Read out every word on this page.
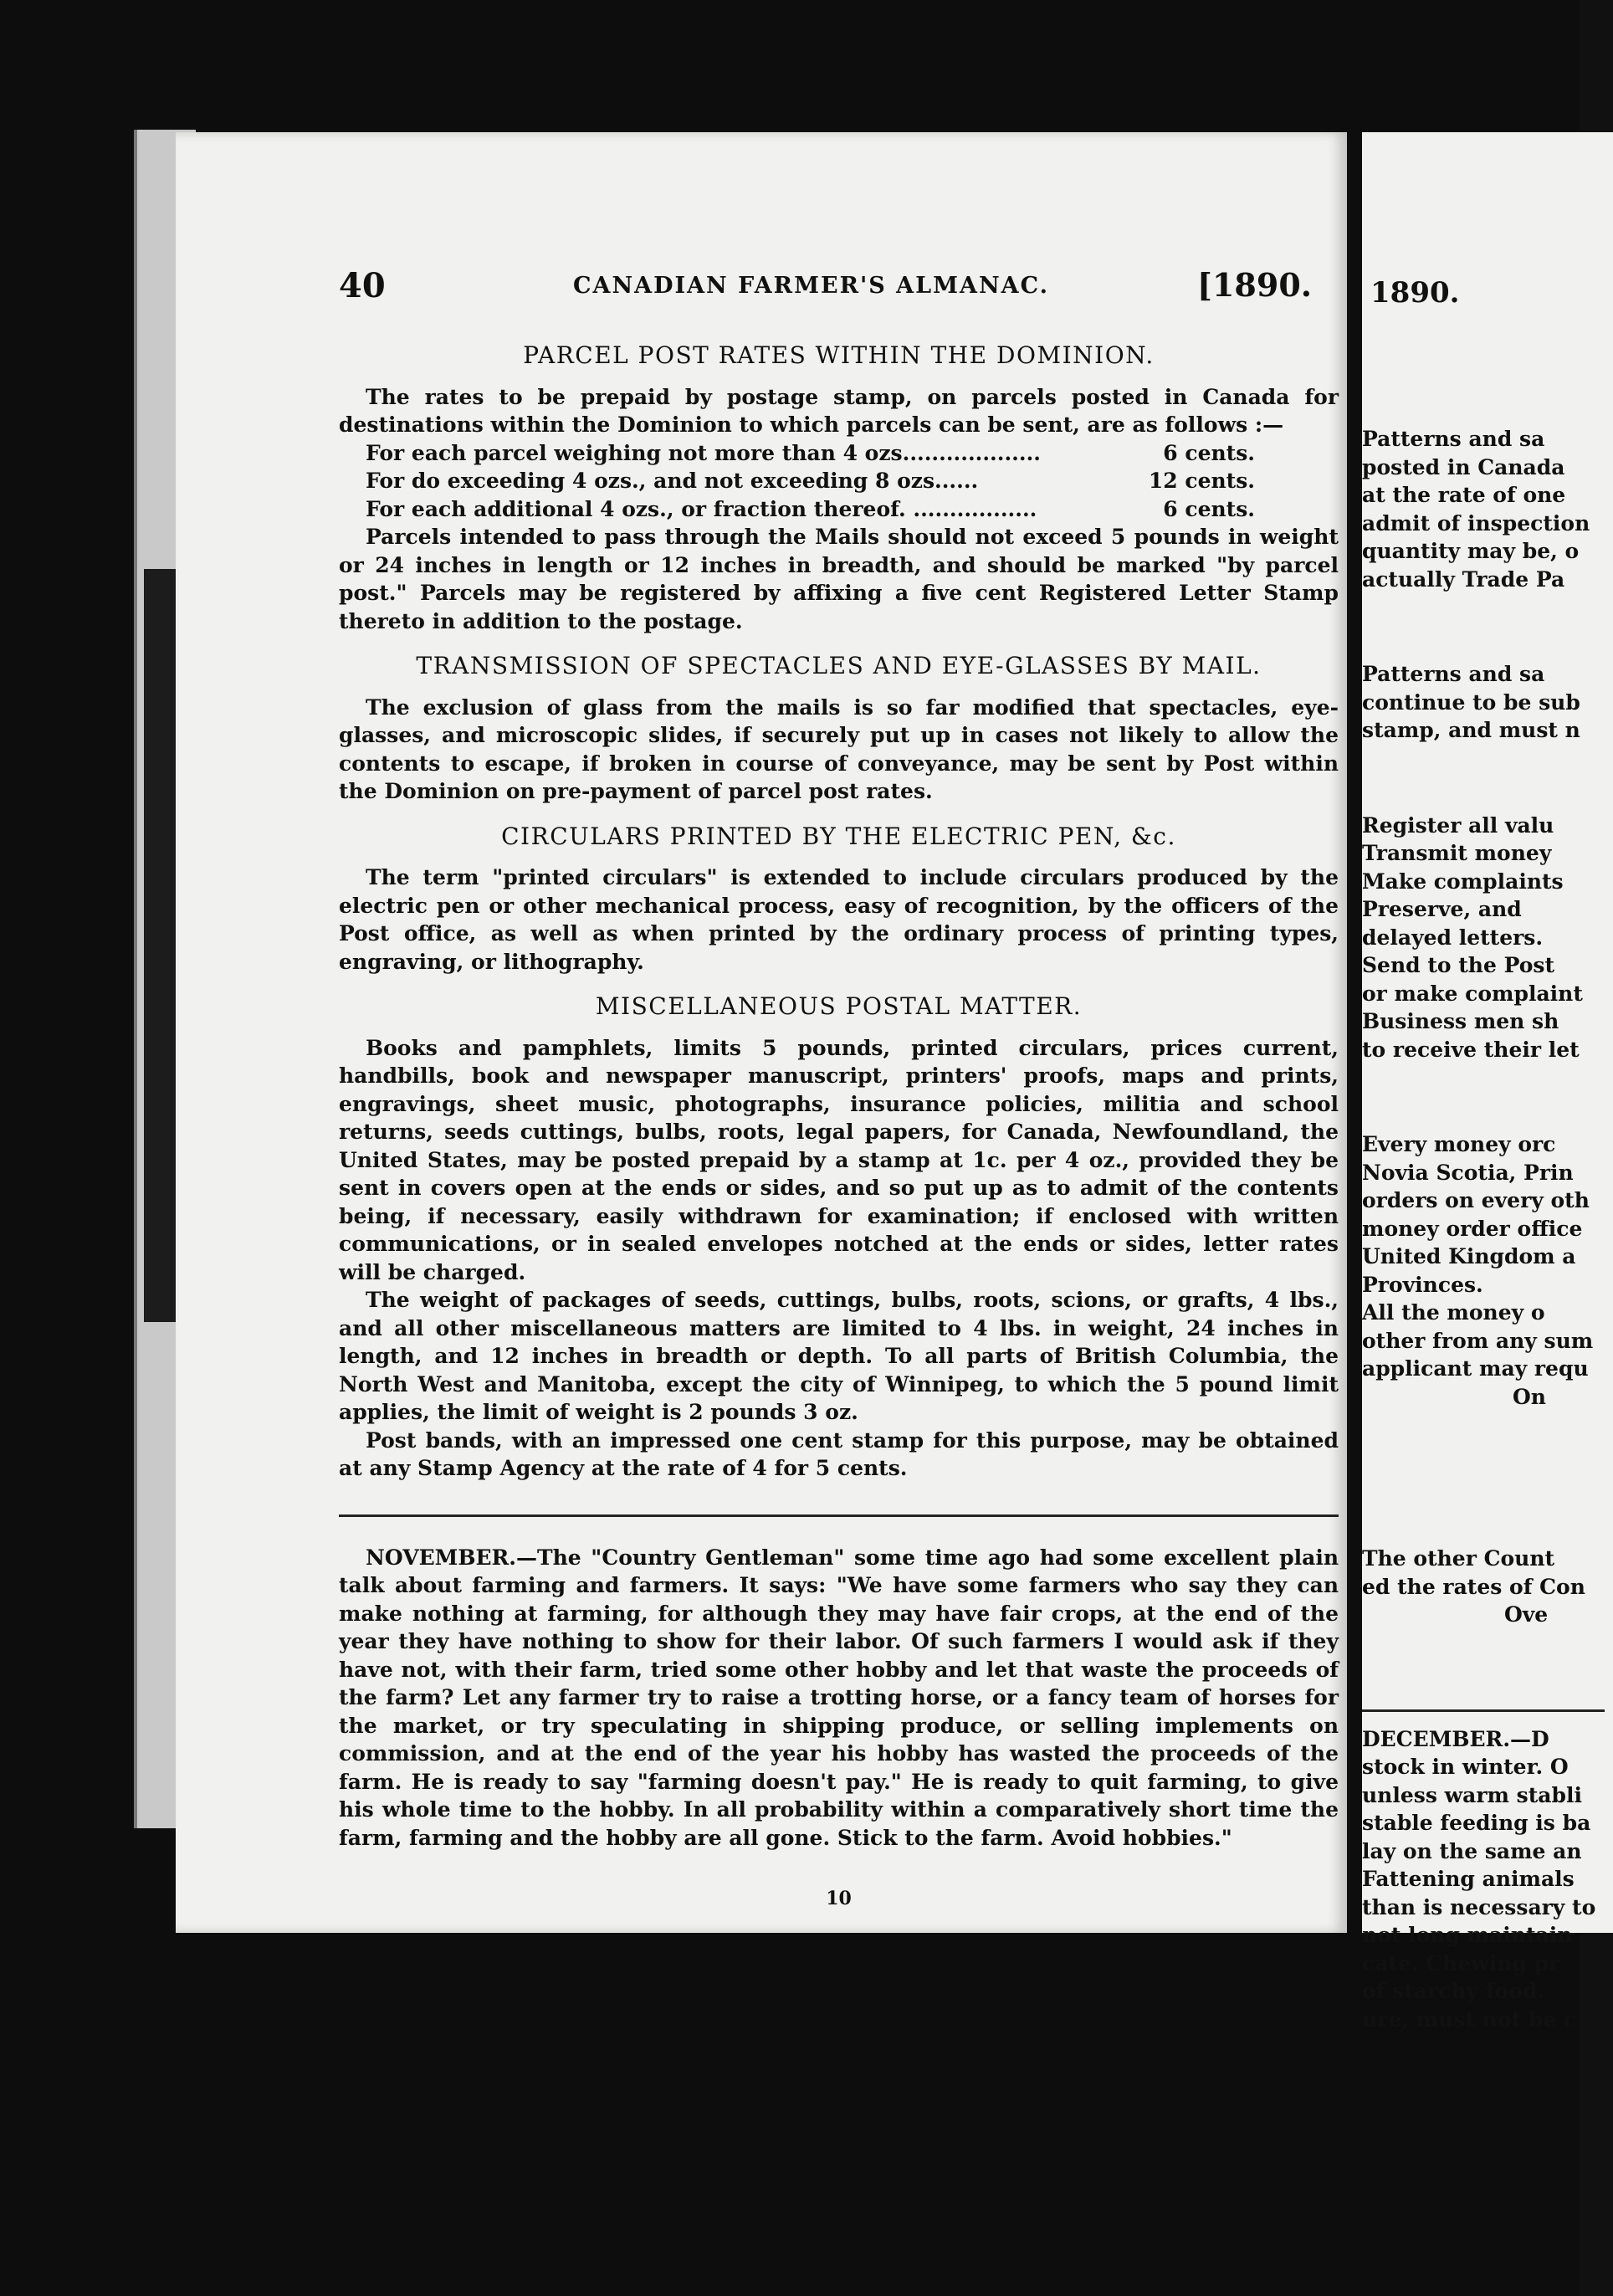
40	CANADIAN FARMER'S ALMANAC.	[1890.
PARCEL POST RATES WITHIN THE DOMINION.

The rates to be prepaid by postage stamp, on parcels posted in Canada for destinations within the Dominion to which parcels can be sent, are as follows :—

For each parcel weighing not more than 4 ozs...................	6 cents.
For do exceeding 4 ozs., and not exceeding 8 ozs......	12 cents.
For each additional 4 ozs., or fraction thereof. .................	6 cents.

Parcels intended to pass through the Mails should not exceed 5 pounds in weight or 24 inches in length or 12 inches in breadth, and should be marked "by parcel post." Parcels may be registered by affixing a five cent Registered Letter Stamp thereto in addition to the postage.

TRANSMISSION OF SPECTACLES AND EYE-GLASSES BY MAIL.

The exclusion of glass from the mails is so far modified that spectacles, eye-glasses, and microscopic slides, if securely put up in cases not likely to allow the contents to escape, if broken in course of conveyance, may be sent by Post within the Dominion on pre-payment of parcel post rates.

CIRCULARS PRINTED BY THE ELECTRIC PEN, &c.

The term "printed circulars" is extended to include circulars produced by the electric pen or other mechanical process, easy of recognition, by the officers of the Post office, as well as when printed by the ordinary process of printing types, engraving, or lithography.

MISCELLANEOUS POSTAL MATTER.

Books and pamphlets, limits 5 pounds, printed circulars, prices current, handbills, book and newspaper manuscript, printers' proofs, maps and prints, engravings, sheet music, photographs, insurance policies, militia and school returns, seeds cuttings, bulbs, roots, legal papers, for Canada, Newfoundland, the United States, may be posted prepaid by a stamp at 1c. per 4 oz., provided they be sent in covers open at the ends or sides, and so put up as to admit of the contents being, if necessary, easily withdrawn for examination; if enclosed with written communications, or in sealed envelopes notched at the ends or sides, letter rates will be charged.

The weight of packages of seeds, cuttings, bulbs, roots, scions, or grafts, 4 lbs., and all other miscellaneous matters are limited to 4 lbs. in weight, 24 inches in length, and 12 inches in breadth or depth. To all parts of British Columbia, the North West and Manitoba, except the city of Winnipeg, to which the 5 pound limit applies, the limit of weight is 2 pounds 3 oz.

Post bands, with an impressed one cent stamp for this purpose, may be obtained at any Stamp Agency at the rate of 4 for 5 cents.

NOVEMBER.—The "Country Gentleman" some time ago had some excellent plain talk about farming and farmers. It says: "We have some farmers who say they can make nothing at farming, for although they may have fair crops, at the end of the year they have nothing to show for their labor. Of such farmers I would ask if they have not, with their farm, tried some other hobby and let that waste the proceeds of the farm? Let any farmer try to raise a trotting horse, or a fancy team of horses for the market, or try speculating in shipping produce, or selling implements on commission, and at the end of the year his hobby has wasted the proceeds of the farm. He is ready to say "farming doesn't pay." He is ready to quit farming, to give his whole time to the hobby. In all probability within a comparatively short time the farm, farming and the hobby are all gone. Stick to the farm. Avoid hobbies."

10
1890.
Patterns and sa
posted in Canada
at the rate of one
admit of inspection
quantity may be, o
actually Trade Pa
Patterns and sa
continue to be sub
stamp, and must n
Register all valu
Transmit money
Make complaints
Preserve, and
delayed letters.
Send to the Post
or make complaint
Business men sh
to receive their let
Every money orc
Novia Scotia, Prin
orders on every oth
money order office
United Kingdom a
Provinces.
All the money o
other from any sum
applicant may requ
On
The other Count
ed the rates of Con
Ove
DECEMBER.—D
stock in winter. O
unless warm stabli
stable feeding is ba
lay on the same an
Fattening animals
than is necessary to
not long maintain
cate. Chewing pr
of starchy food.
ure, must not be c
